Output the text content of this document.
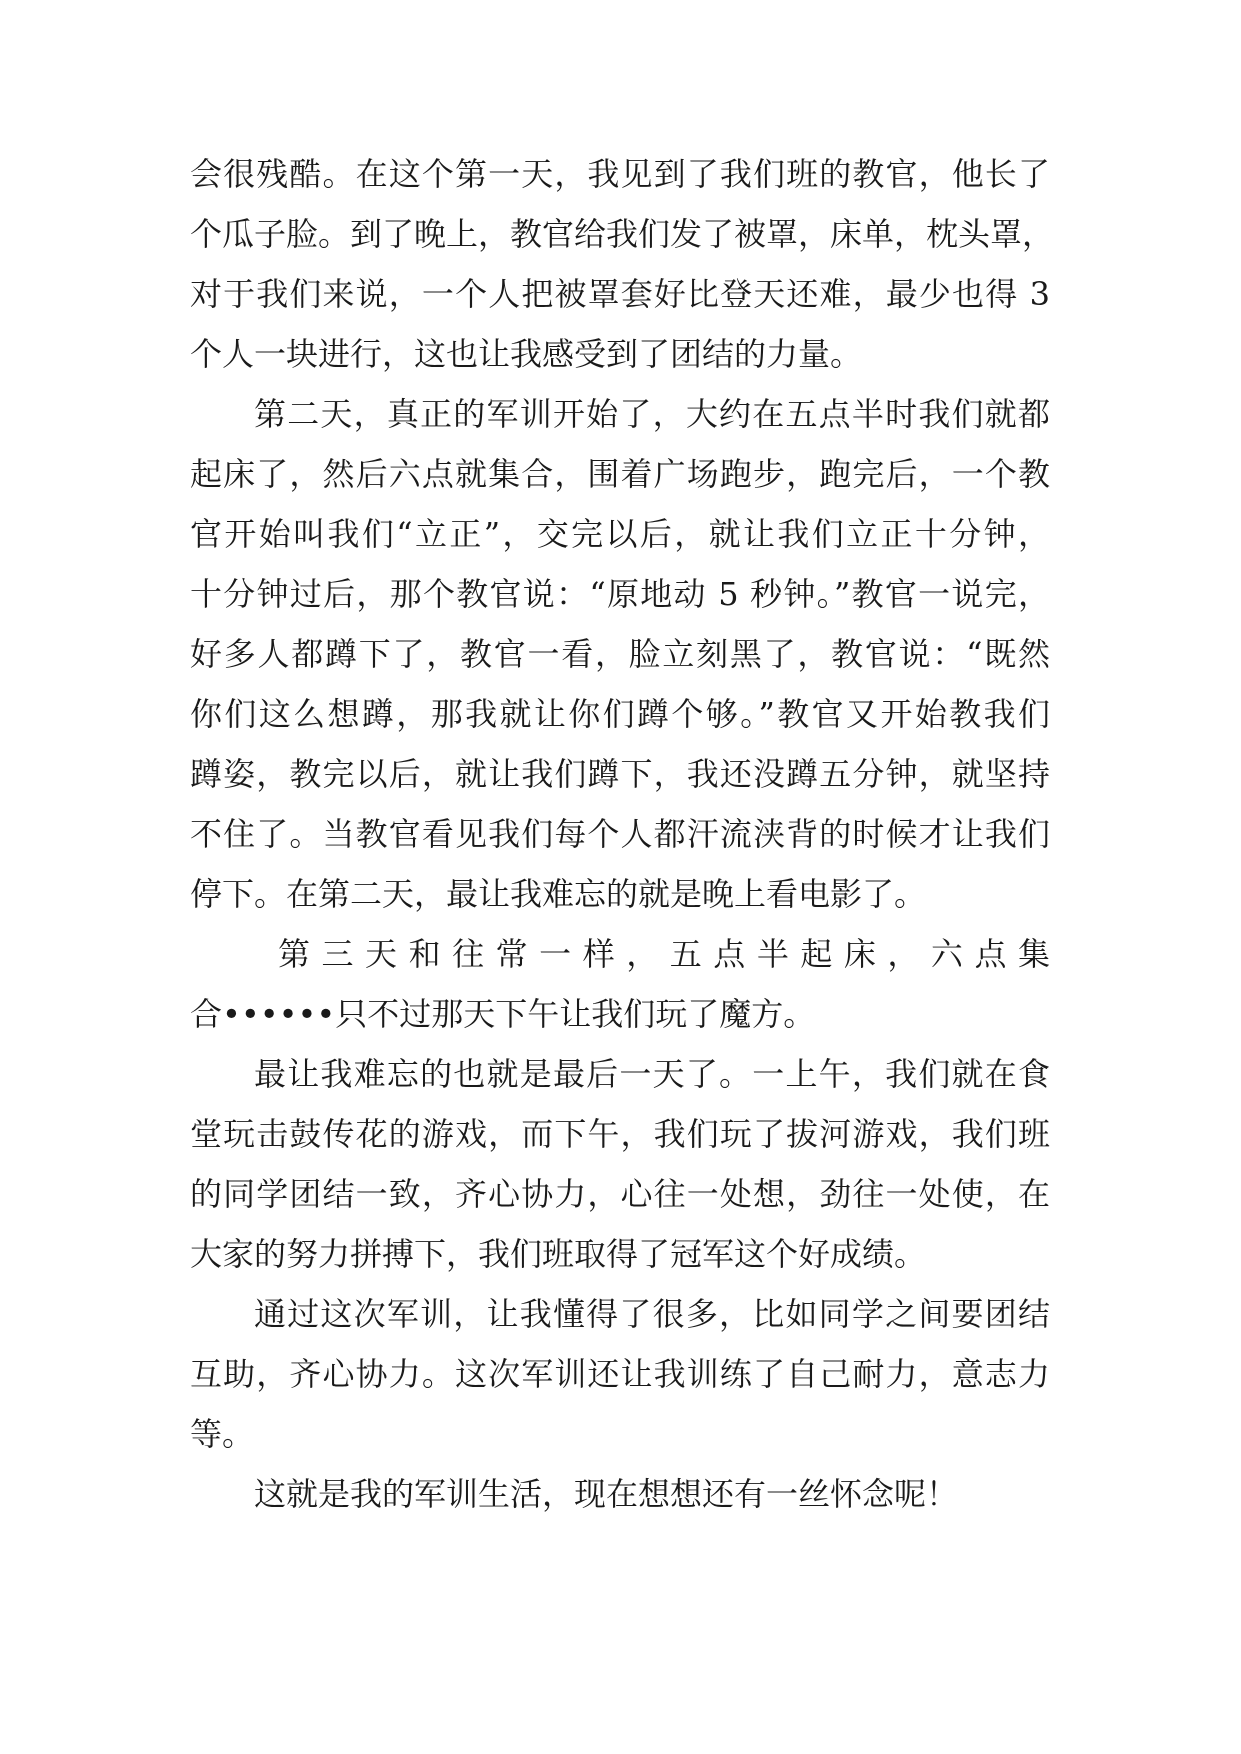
会很残酷。在这个第一天，我见到了我们班的教官，他长了
个瓜子脸。到了晚上，教官给我们发了被罩，床单，枕头罩，
对于我们来说，一个人把被罩套好比登天还难，最少也得 3
个人一块进行，这也让我感受到了团结的力量。
第二天，真正的军训开始了，大约在五点半时我们就都
起床了，然后六点就集合，围着广场跑步，跑完后，一个教
官开始叫我们“立正”，交完以后，就让我们立正十分钟，
十分钟过后，那个教官说：“原地动 5 秒钟。”教官一说完，
好多人都蹲下了，教官一看，脸立刻黑了，教官说：“既然
你们这么想蹲，那我就让你们蹲个够。”教官又开始教我们
蹲姿，教完以后，就让我们蹲下，我还没蹲五分钟，就坚持
不住了。当教官看见我们每个人都汗流浃背的时候才让我们
停下。在第二天，最让我难忘的就是晚上看电影了。
第 三 天 和 往 常 一 样 ， 五 点 半 起 床 ， 六 点 集
合••••••只不过那天下午让我们玩了魔方。
最让我难忘的也就是最后一天了。一上午，我们就在食
堂玩击鼓传花的游戏，而下午，我们玩了拔河游戏，我们班
的同学团结一致，齐心协力，心往一处想，劲往一处使，在
大家的努力拼搏下，我们班取得了冠军这个好成绩。
通过这次军训，让我懂得了很多，比如同学之间要团结
互助，齐心协力。这次军训还让我训练了自己耐力，意志力
等。
这就是我的军训生活，现在想想还有一丝怀念呢！
